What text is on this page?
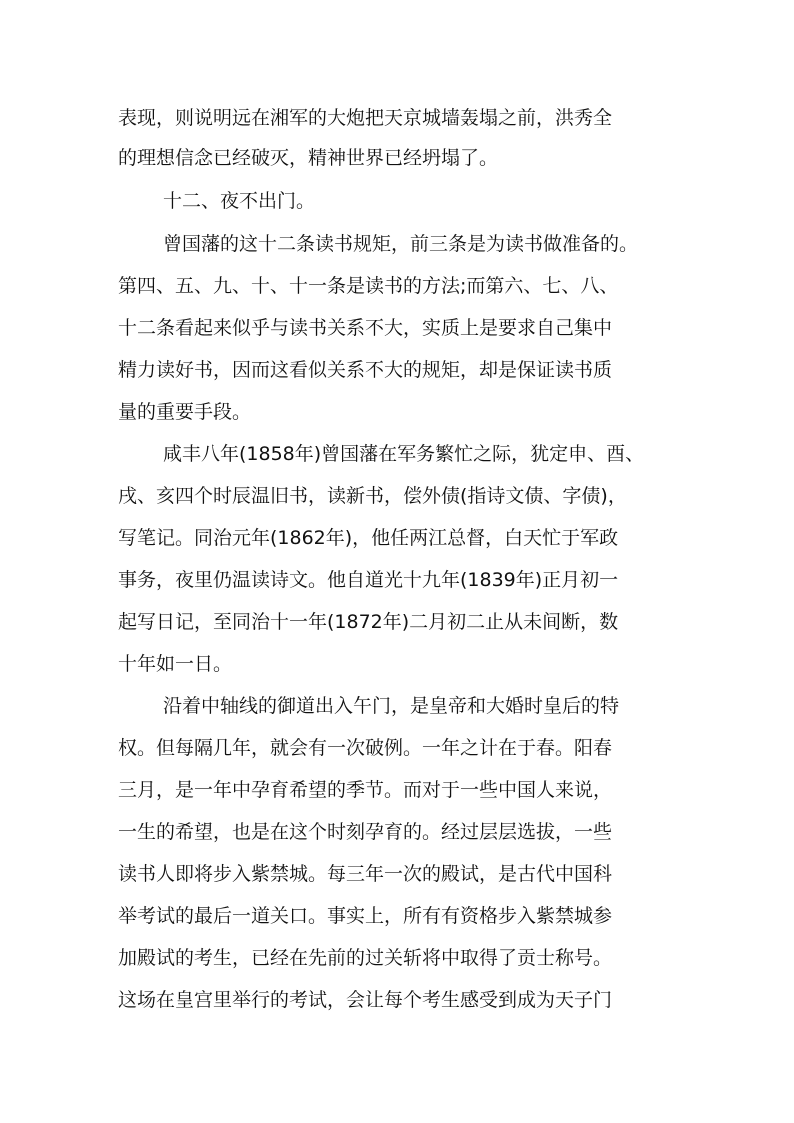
表现，则说明远在湘军的大炮把天京城墙轰塌之前，洪秀全
的理想信念已经破灭，精神世界已经坍塌了。
十二、夜不出门。
曾国藩的这十二条读书规矩，前三条是为读书做准备的。
第四、五、九、十、十一条是读书的方法;而第六、七、八、
十二条看起来似乎与读书关系不大，实质上是要求自己集中
精力读好书，因而这看似关系不大的规矩，却是保证读书质
量的重要手段。
咸丰八年(1858年)曾国藩在军务繁忙之际，犹定申、酉、
戌、亥四个时辰温旧书，读新书，偿外债(指诗文债、字债)，
写笔记。同治元年(1862年)，他任两江总督，白天忙于军政
事务，夜里仍温读诗文。他自道光十九年(1839年)正月初一
起写日记，至同治十一年(1872年)二月初二止从未间断，数
十年如一日。
沿着中轴线的御道出入午门，是皇帝和大婚时皇后的特
权。但每隔几年，就会有一次破例。一年之计在于春。阳春
三月，是一年中孕育希望的季节。而对于一些中国人来说，
一生的希望，也是在这个时刻孕育的。经过层层选拔，一些
读书人即将步入紫禁城。每三年一次的殿试，是古代中国科
举考试的最后一道关口。事实上，所有有资格步入紫禁城参
加殿试的考生，已经在先前的过关斩将中取得了贡士称号。
这场在皇宫里举行的考试，会让每个考生感受到成为天子门
